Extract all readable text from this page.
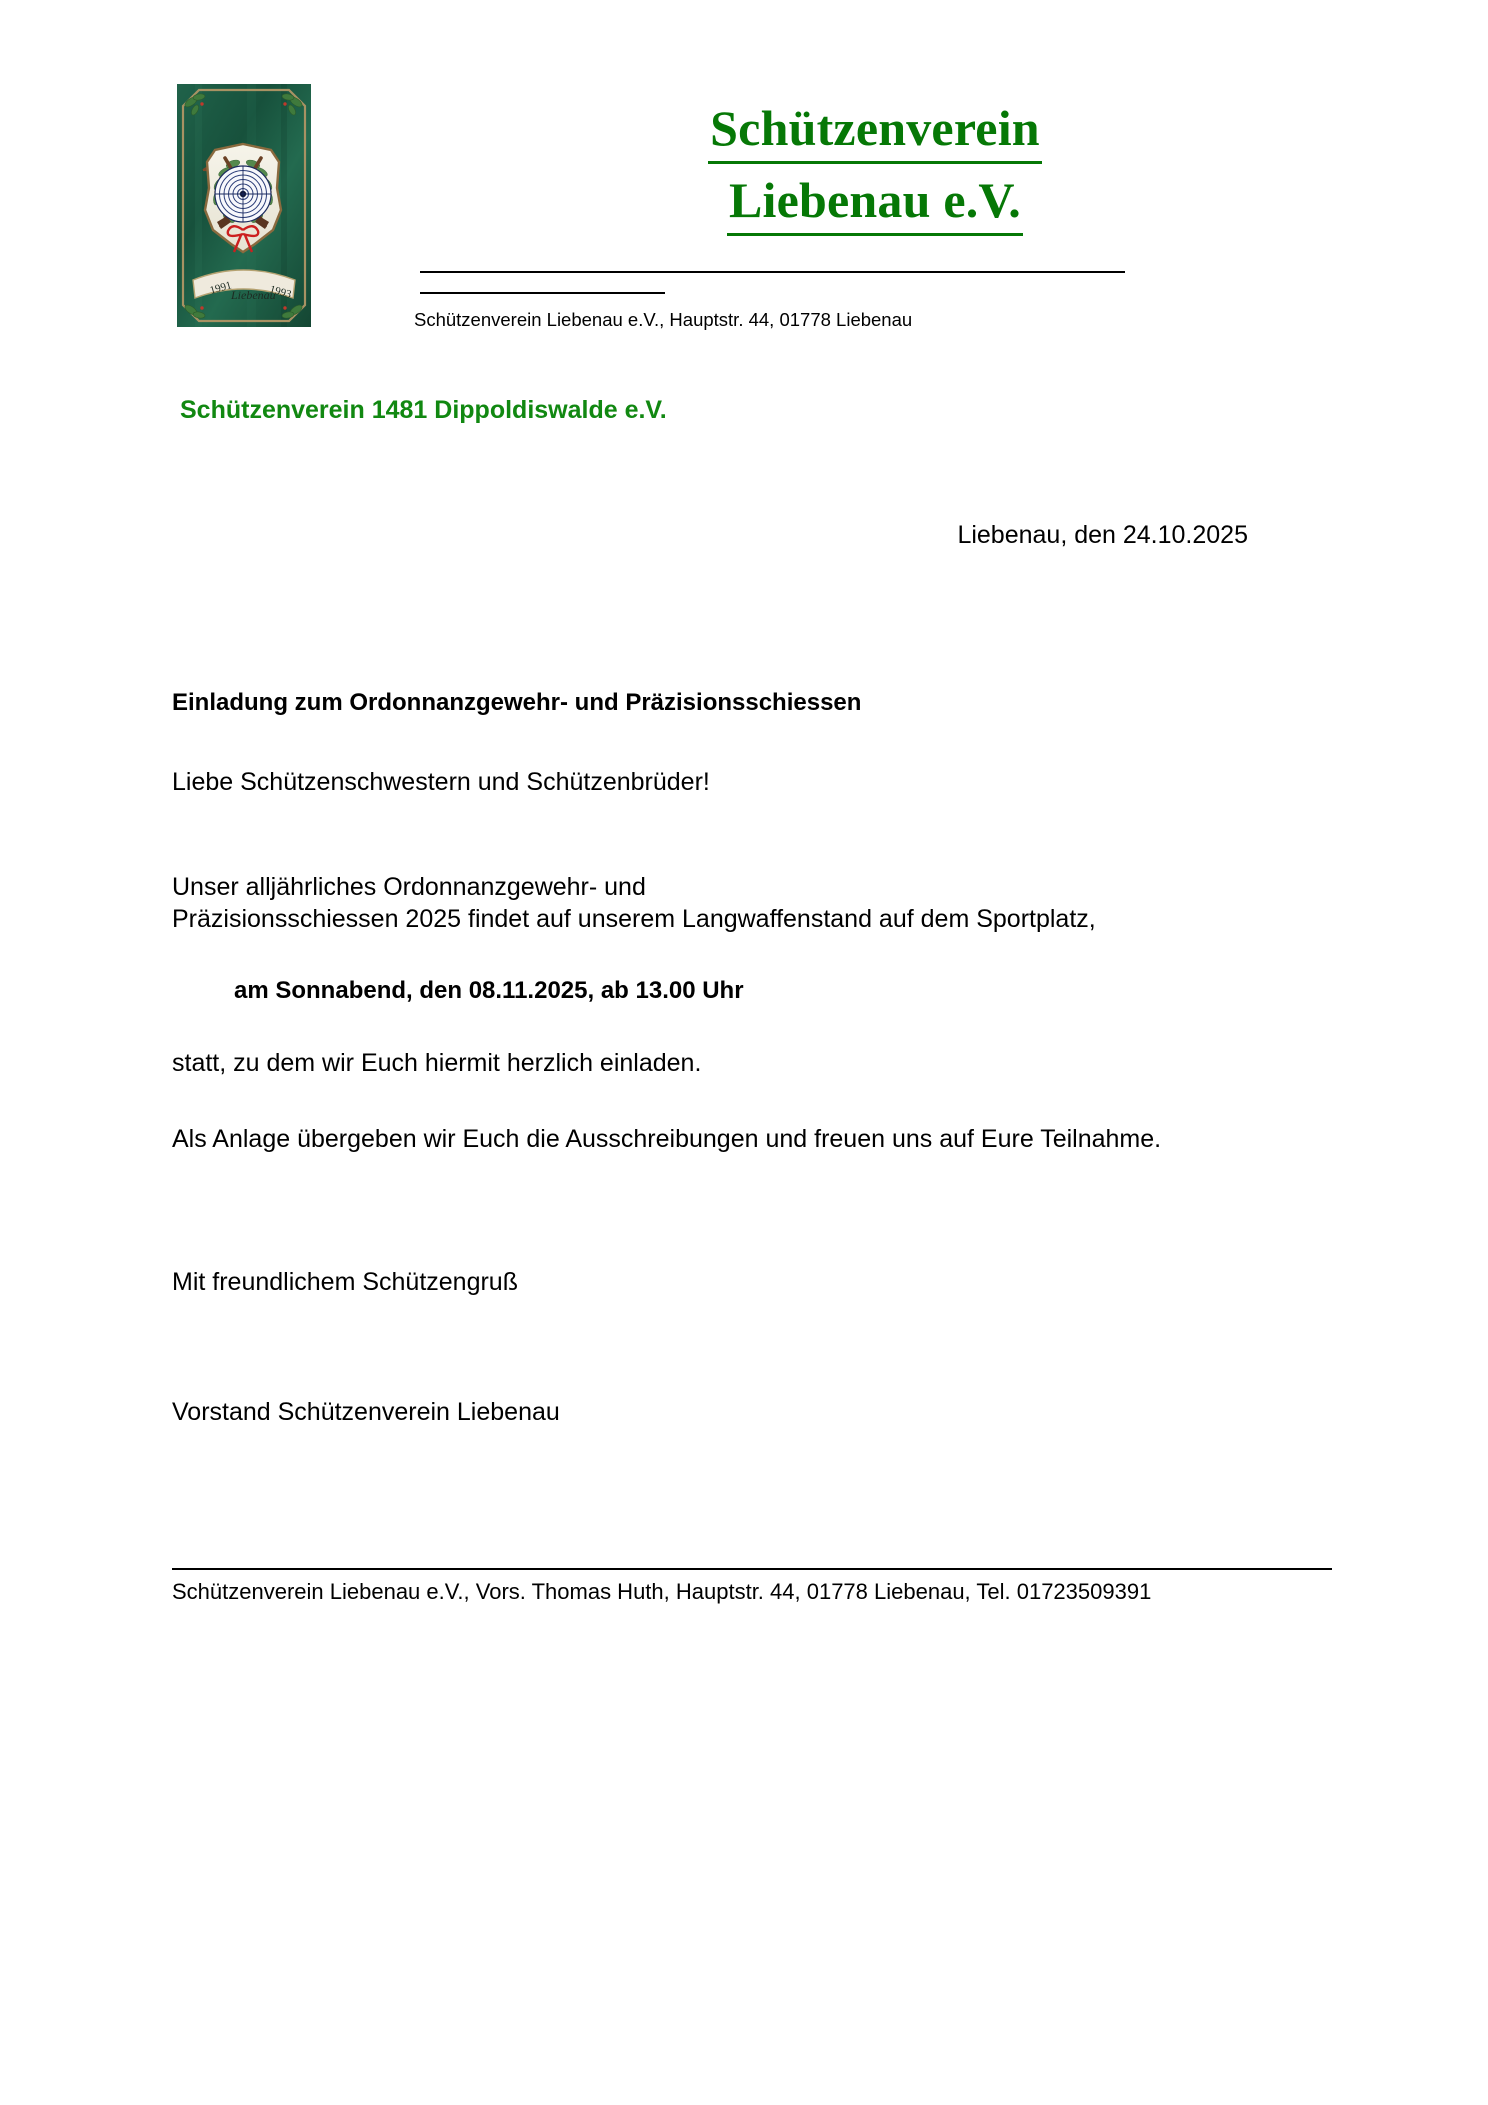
1991
Liebenau
1993
Schützenverein
Liebenau e.V.
Schützenverein Liebenau e.V., Hauptstr. 44, 01778 Liebenau
Schützenverein 1481 Dippoldiswalde e.V.
Liebenau, den 24.10.2025

Einladung zum Ordonnanzgewehr- und Präzisionsschiessen

Liebe Schützenschwestern und Schützenbrüder!

Unser alljährliches Ordonnanzgewehr- und
Präzisionsschiessen 2025 findet auf unserem Langwaffenstand auf dem Sportplatz,

am Sonnabend, den 08.11.2025, ab 13.00 Uhr

statt, zu dem wir Euch hiermit herzlich einladen.

Als Anlage übergeben wir Euch die Ausschreibungen und freuen uns auf Eure Teilnahme.

Mit freundlichem Schützengruß

Vorstand Schützenverein Liebenau

Schützenverein Liebenau e.V., Vors. Thomas Huth, Hauptstr. 44, 01778 Liebenau, Tel. 01723509391
